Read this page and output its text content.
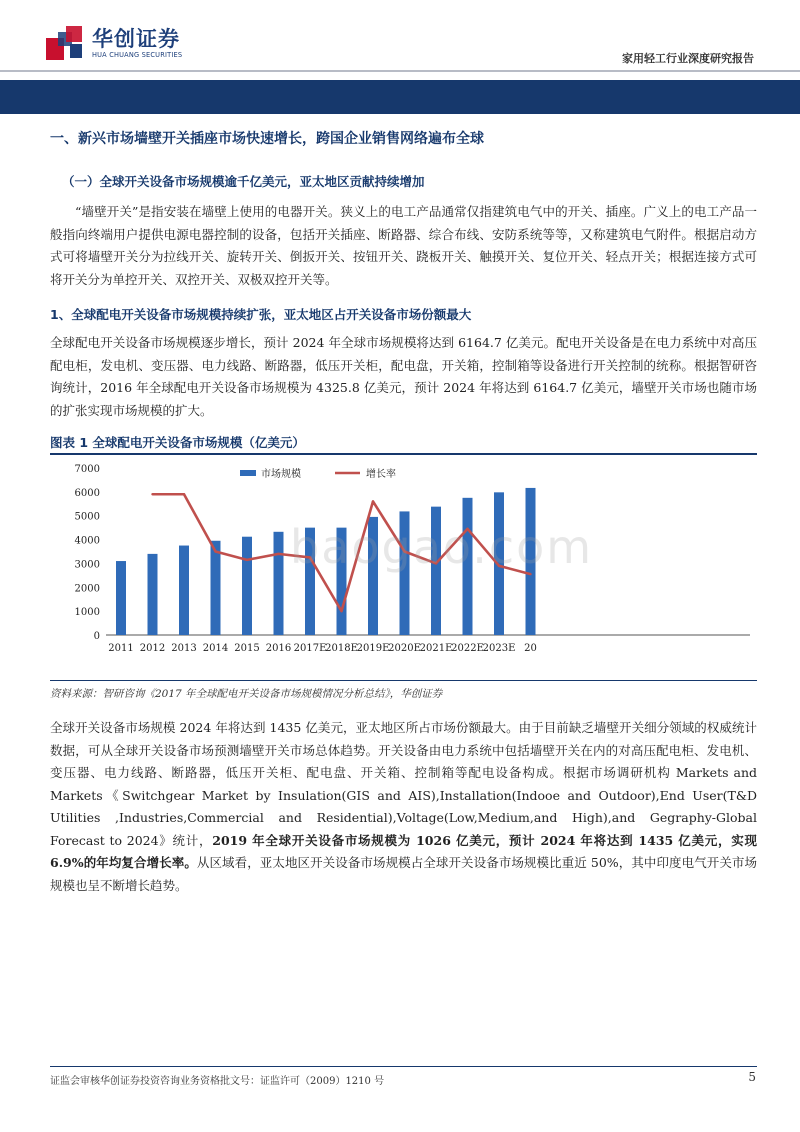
华创证券
HUA CHUANG SECURITIES	家用轻工行业深度研究报告
一、新兴市场墙壁开关插座市场快速增长，跨国企业销售网络遍布全球
（一）全球开关设备市场规模逾千亿美元，亚太地区贡献持续增加
“墙壁开关”是指安装在墙壁上使用的电器开关。狭义上的电工产品通常仅指建筑电气中的开关、插座。广义上的电工产品一般指向终端用户提供电源电器控制的设备，包括开关插座、断路器、综合布线、安防系统等等，又称建筑电气附件。根据启动方式可将墙壁开关分为拉线开关、旋转开关、倒扳开关、按钮开关、跷板开关、触摸开关、复位开关、轻点开关；根据连接方式可将开关分为单控开关、双控开关、双极双控开关等。
1、全球配电开关设备市场规模持续扩张，亚太地区占开关设备市场份额最大
全球配电开关设备市场规模逐步增长，预计 2024 年全球市场规模将达到 6164.7 亿美元。配电开关设备是在电力系统中对高压配电柜，发电机、变压器、电力线路、断路器，低压开关柜，配电盘，开关箱，控制箱等设备进行开关控制的统称。根据智研咨询统计，2016 年全球配电开关设备市场规模为 4325.8 亿美元，预计 2024 年将达到 6164.7 亿美元，墙壁开关市场也随市场的扩张实现市场规模的扩大。
图表 1 全球配电开关设备市场规模（亿美元）
0
1000
2000
3000
4000
5000
6000
7000
2011 2012 2013 2014 2015 2016 2017E
2018E
2019E
2020E
2021E
2022E
2023E 20
市场规模	增长率
baogao.com
资料来源：智研咨询《2017 年全球配电开关设备市场规模情况分析总结》，华创证券
全球开关设备市场规模 2024 年将达到 1435 亿美元，亚太地区所占市场份额最大。由于目前缺乏墙壁开关细分领域的权威统计数据，可从全球开关设备市场预测墙壁开关市场总体趋势。开关设备由电力系统中包括墙壁开关在内的对高压配电柜、发电机、变压器、电力线路、断路器，低压开关柜、配电盘、开关箱、控制箱等配电设备构成。根据市场调研机构 Markets and Markets《Switchgear Market by Insulation(GIS and AIS),Installation(Indooe and Outdoor),End User(T&D Utilities ,Industries,Commercial and Residential),Voltage(Low,Medium,and High),and Gegraphy-Global Forecast to 2024》统计，2019 年全球开关设备市场规模为 1026 亿美元，预计 2024 年将达到 1435 亿美元，实现 6.9%的年均复合增长率。从区域看，亚太地区开关设备市场规模占全球开关设备市场规模比重近 50%，其中印度电气开关市场规模也呈不断增长趋势。
证监会审核华创证券投资咨询业务资格批文号：证监许可（2009）1210 号	5
